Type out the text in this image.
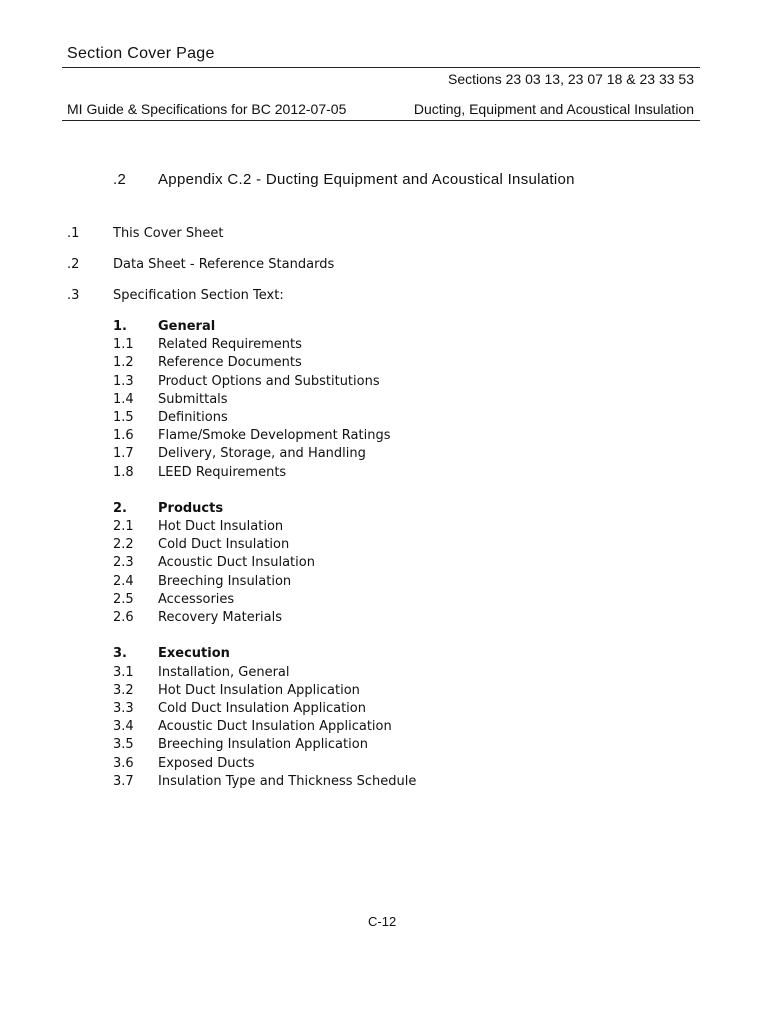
Section Cover Page
Sections 23 03 13, 23 07 18 & 23 33 53
MI Guide & Specifications for BC 2012-07-05	Ducting, Equipment and Acoustical Insulation
.2 Appendix C.2 - Ducting Equipment and Acoustical Insulation
.1	This Cover Sheet
.2	Data Sheet - Reference Standards
.3	Specification Section Text:
1.	General
1.1	Related Requirements
1.2	Reference Documents
1.3	Product Options and Substitutions
1.4	Submittals
1.5	Definitions
1.6	Flame/Smoke Development Ratings
1.7	Delivery, Storage, and Handling
1.8	LEED Requirements
2.	Products
2.1	Hot Duct Insulation
2.2	Cold Duct Insulation
2.3	Acoustic Duct Insulation
2.4	Breeching Insulation
2.5	Accessories
2.6	Recovery Materials
3.	Execution
3.1	Installation, General
3.2	Hot Duct Insulation Application
3.3	Cold Duct Insulation Application
3.4	Acoustic Duct Insulation Application
3.5	Breeching Insulation Application
3.6	Exposed Ducts
3.7	Insulation Type and Thickness Schedule
C-12
